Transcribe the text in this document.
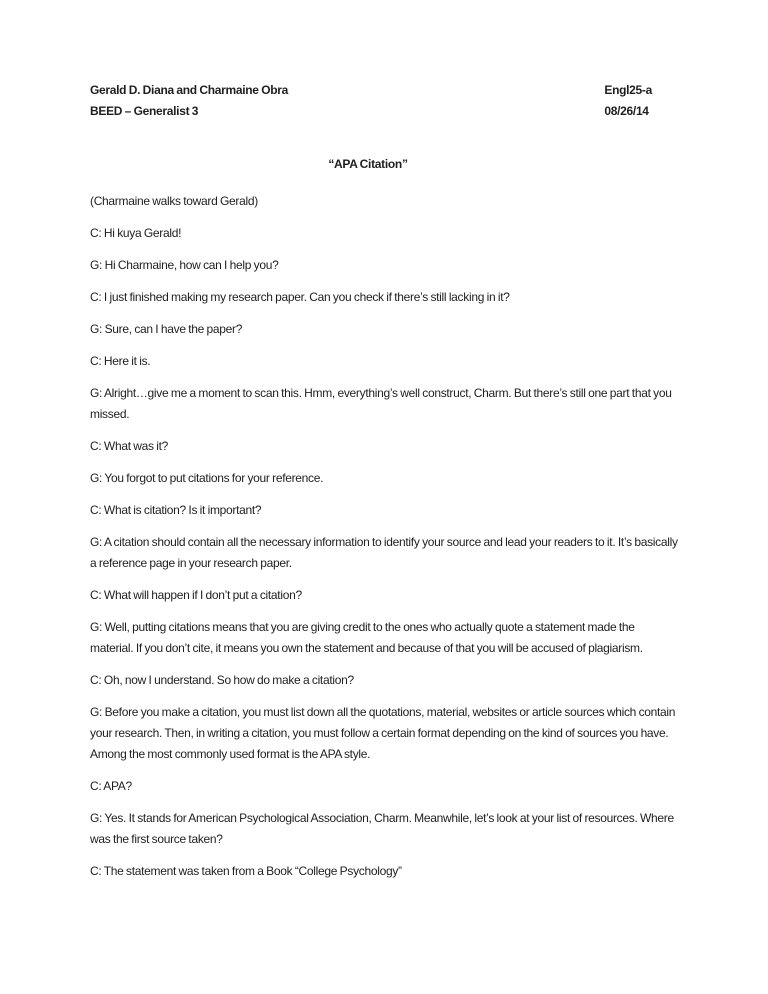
Gerald D. Diana and Charmaine Obra
BEED – Generalist 3
Engl25-a
08/26/14
“APA Citation”

(Charmaine walks toward Gerald)

C: Hi kuya Gerald!

G: Hi Charmaine, how can I help you?

C: I just finished making my research paper. Can you check if there’s still lacking in it?

G: Sure, can I have the paper?

C: Here it is.

G: Alright…give me a moment to scan this. Hmm, everything’s well construct, Charm. But there’s still one part that you missed.

C: What was it?

G: You forgot to put citations for your reference.

C: What is citation? Is it important?

G: A citation should contain all the necessary information to identify your source and lead your readers to it. It’s basically a reference page in your research paper.

C: What will happen if I don’t put a citation?

G: Well, putting citations means that you are giving credit to the ones who actually quote a statement made the material. If you don’t cite, it means you own the statement and because of that you will be accused of plagiarism.

C: Oh, now I understand. So how do make a citation?

G: Before you make a citation, you must list down all the quotations, material, websites or article sources which contain your research. Then, in writing a citation, you must follow a certain format depending on the kind of sources you have. Among the most commonly used format is the APA style.

C: APA?

G: Yes. It stands for American Psychological Association, Charm. Meanwhile, let’s look at your list of resources. Where was the first source taken?

C: The statement was taken from a Book “College Psychology”
